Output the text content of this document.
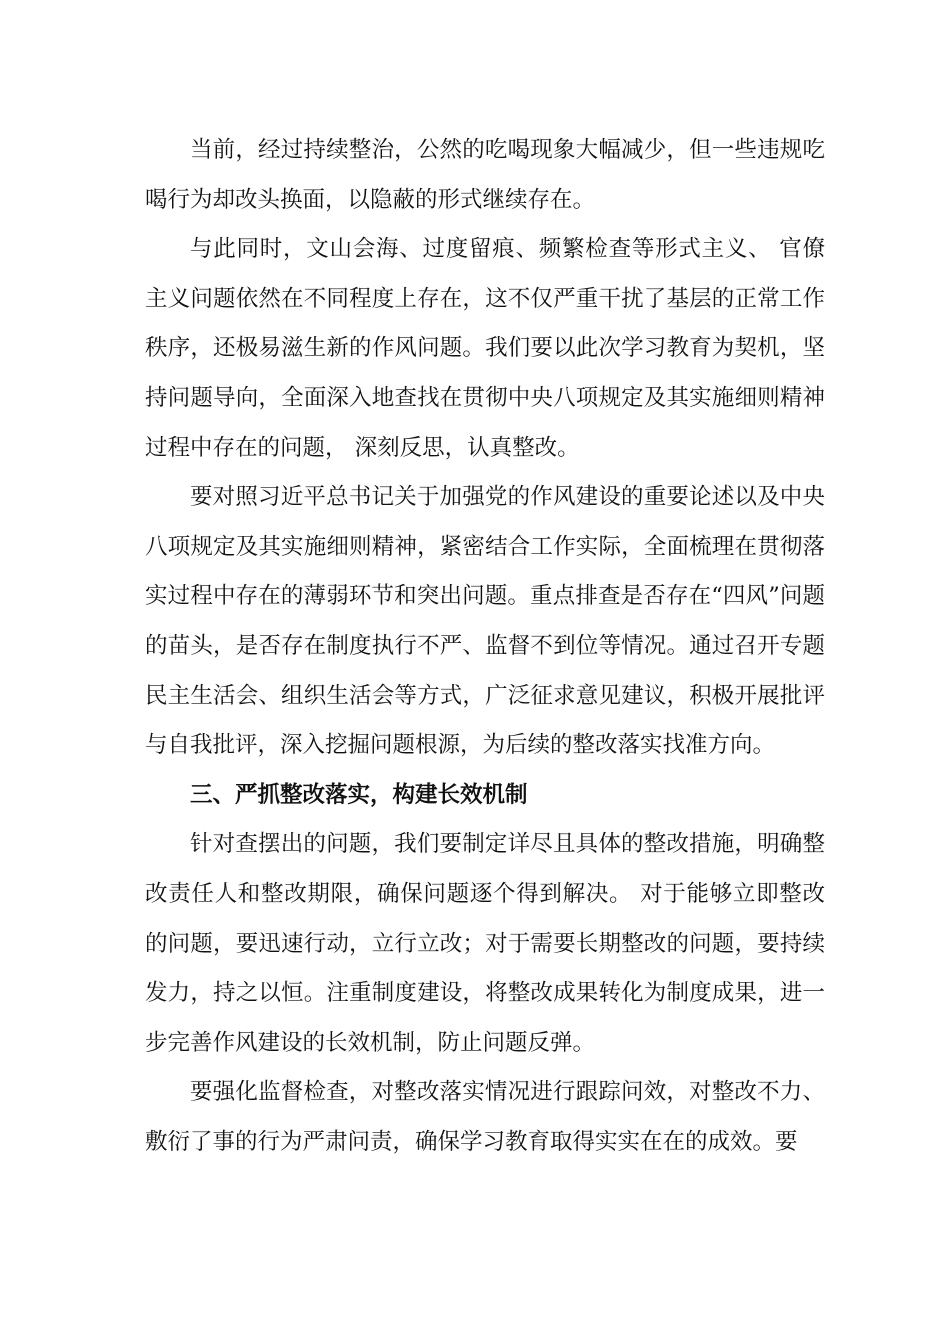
当前，经过持续整治，公然的吃喝现象大幅减少，但一些违规吃喝行为却改头换面，以隐蔽的形式继续存在。

与此同时，文山会海、过度留痕、频繁检查等形式主义、 官僚主义问题依然在不同程度上存在，这不仅严重干扰了基层的正常工作秩序，还极易滋生新的作风问题。我们要以此次学习教育为契机，坚持问题导向，全面深入地查找在贯彻中央八项规定及其实施细则精神过程中存在的问题， 深刻反思，认真整改。

要对照习近平总书记关于加强党的作风建设的重要论述以及中央八项规定及其实施细则精神，紧密结合工作实际，全面梳理在贯彻落实过程中存在的薄弱环节和突出问题。重点排查是否存在“四风”问题的苗头，是否存在制度执行不严、监督不到位等情况。通过召开专题民主生活会、组织生活会等方式，广泛征求意见建议，积极开展批评与自我批评，深入挖掘问题根源，为后续的整改落实找准方向。

三、严抓整改落实，构建长效机制

针对查摆出的问题，我们要制定详尽且具体的整改措施，明确整改责任人和整改期限，确保问题逐个得到解决。 对于能够立即整改的问题，要迅速行动，立行立改；对于需要长期整改的问题，要持续发力，持之以恒。注重制度建设，将整改成果转化为制度成果，进一步完善作风建设的长效机制，防止问题反弹。

要强化监督检查，对整改落实情况进行跟踪问效，对整改不力、敷衍了事的行为严肃问责，确保学习教育取得实实在在的成效。要
